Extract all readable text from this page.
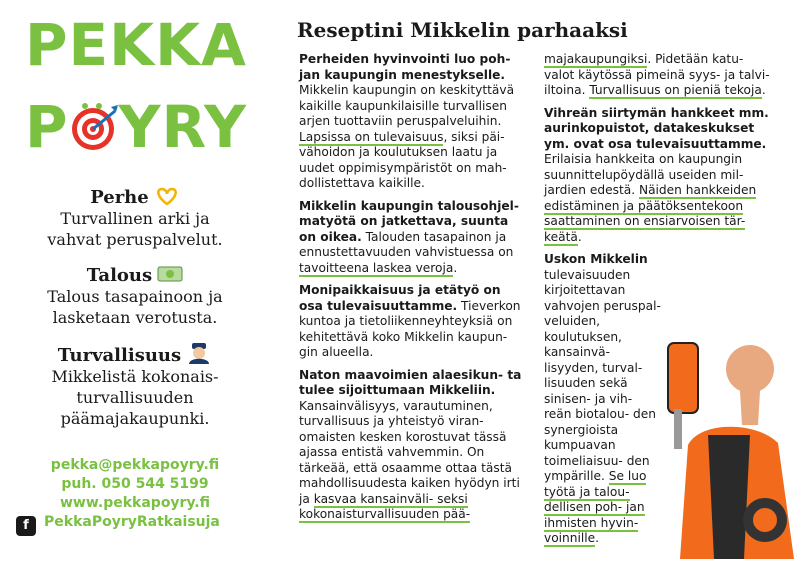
PEKKA
P YRY
Perhe
Turvallinen arki ja
vahvat peruspalvelut.
Talous
Talous tasapainoon ja
lasketaan verotusta.
Turvallisuus
Mikkelistä kokonais-
turvallisuuden
päämajakaupunki.
pekka@pekkapoyry.fi
puh. 050 544 5199
www.pekkapoyry.fi
f PekkaPoyryRatkaisuja
Reseptini Mikkelin parhaaksi

Perheiden hyvinvointi luo poh- jan kaupungin menestykselle. Mikkelin kaupungin on keskityttävä kaikille kaupunkilaisille turvallisen arjen tuottaviin peruspalveluihin. Lapsissa on tulevaisuus, siksi päi- vähoidon ja koulutuksen laatu ja uudet oppimisympäristöt on mah- dollistettava kaikille.

Mikkelin kaupungin talousohjel- matyötä on jatkettava, suunta on oikea. Talouden tasapainon ja ennustettavuuden vahvistuessa on tavoitteena laskea veroja.

Monipaikkaisuus ja etätyö on osa tulevaisuuttamme. Tieverkon kuntoa ja tietoliikenneyhteyksiä on kehitettävä koko Mikkelin kaupun- gin alueella.

Naton maavoimien alaesikun- ta tulee sijoittumaan Mikkeliin. Kansainvälisyys, varautuminen, turvallisuus ja yhteistyö viran- omaisten kesken korostuvat tässä ajassa entistä vahvemmin. On tärkeää, että osaamme ottaa tästä mahdollisuudesta kaiken hyödyn irti ja kasvaa kansainväli- seksi kokonaisturvallisuuden pää-

majakaupungiksi. Pidetään katu- valot käytössä pimeinä syys- ja talvi-iltoina. Turvallisuus on pieniä tekoja.

Vihreän siirtymän hankkeet mm. aurinkopuistot, datakeskukset ym. ovat osa tulevaisuuttamme. Erilaisia hankkeita on kaupungin suunnittelupöydällä useiden mil- jardien edestä. Näiden hankkeiden edistäminen ja päätöksentekoon saattaminen on ensiarvoisen tär- keätä.

Uskon Mikkelin tulevaisuuden kirjoitettavan vahvojen peruspal- veluiden, koulutuksen, kansainvä- lisyyden, turval- lisuuden sekä sinisen- ja vih- reän biotalou- den synergioista kumpuavan toimeliaisuu- den ympärille. Se luo työtä ja talou- dellisen poh- jan ihmisten hyvin- voinnille.
